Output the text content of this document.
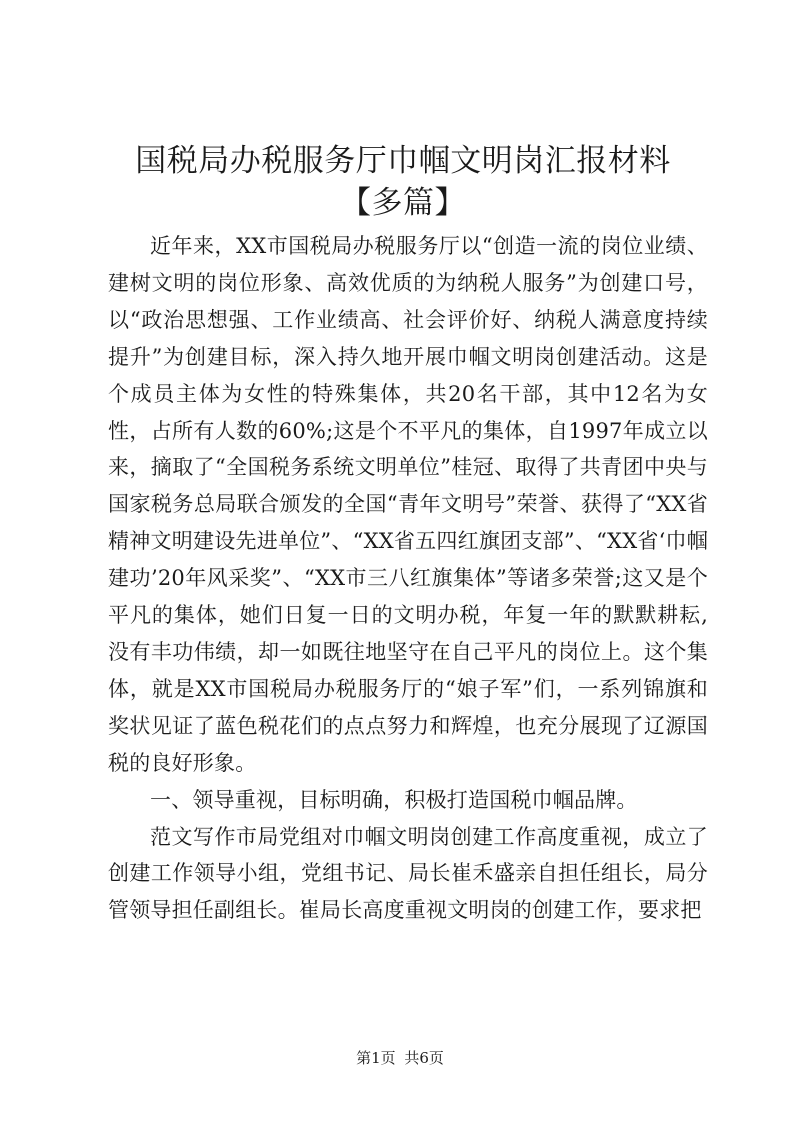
国税局办税服务厅巾帼文明岗汇报材料【多篇】

近年来，XX市国税局办税服务厅以“创造一流的岗位业绩、建树文明的岗位形象、高效优质的为纳税人服务”为创建口号，以“政治思想强、工作业绩高、社会评价好、纳税人满意度持续提升”为创建目标，深入持久地开展巾帼文明岗创建活动。这是个成员主体为女性的特殊集体，共20名干部，其中12名为女性，占所有人数的60%;这是个不平凡的集体，自1997年成立以来，摘取了“全国税务系统文明单位”桂冠、取得了共青团中央与国家税务总局联合颁发的全国“青年文明号”荣誉、获得了“XX省精神文明建设先进单位”、“XX省五四红旗团支部”、“XX省‘巾帼建功’20年风采奖”、“XX市三八红旗集体”等诸多荣誉;这又是个平凡的集体，她们日复一日的文明办税，年复一年的默默耕耘,没有丰功伟绩，却一如既往地坚守在自己平凡的岗位上。这个集体，就是XX市国税局办税服务厅的“娘子军”们，一系列锦旗和奖状见证了蓝色税花们的点点努力和辉煌，也充分展现了辽源国税的良好形象。

一、领导重视，目标明确，积极打造国税巾帼品牌。

范文写作市局党组对巾帼文明岗创建工作高度重视，成立了创建工作领导小组，党组书记、局长崔禾盛亲自担任组长，局分管领导担任副组长。崔局长高度重视文明岗的创建工作，要求把

第1页 共6页
